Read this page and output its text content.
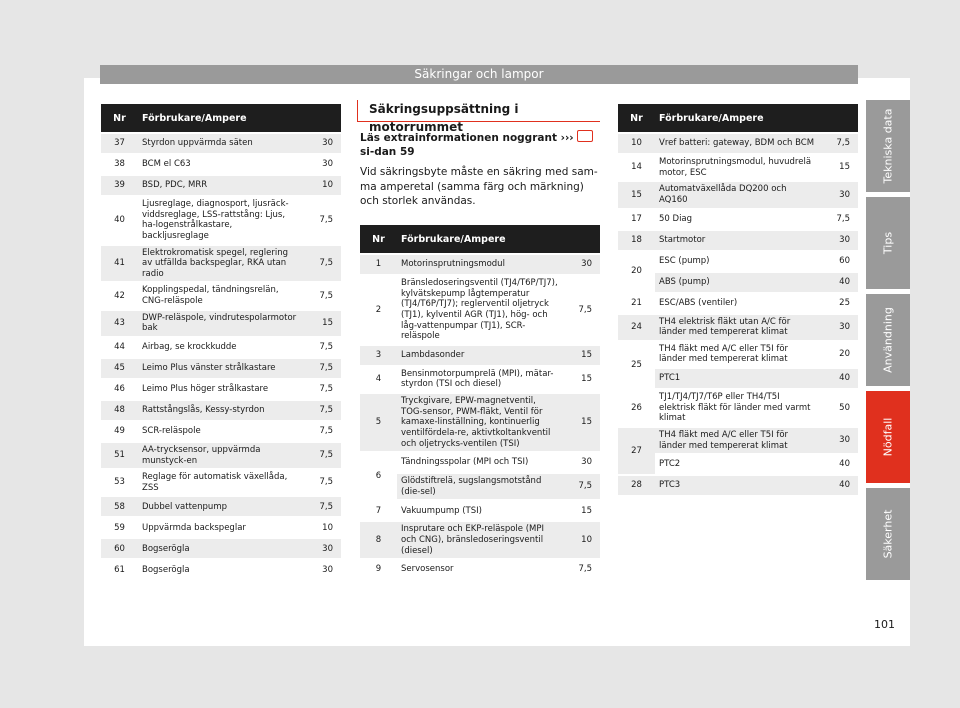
Säkringar och lampor
Nr	Förbrukare/Ampere	
37	Styrdon uppvärmda säten	30
38	BCM el C63	30
39	BSD, PDC, MRR	10
40	Ljusreglage, diagnosport, ljusräck-viddsreglage, LSS-rattstång: Ljus, ha-logenstrålkastare, backljusreglage	7,5
41	Elektrokromatisk spegel, reglering av utfällda backspeglar, RKA utan radio	7,5
42	Kopplingspedal, tändningsrelän, CNG-reläspole	7,5
43	DWP-reläspole, vindrutespolarmotor bak	15
44	Airbag, se krockkudde	7,5
45	Leimo Plus vänster strålkastare	7,5
46	Leimo Plus höger strålkastare	7,5
48	Rattstångslås, Kessy-styrdon	7,5
49	SCR-reläspole	7,5
51	AA-trycksensor, uppvärmda munstyck-en	7,5
53	Reglage för automatisk växellåda, ZSS	7,5
58	Dubbel vattenpump	7,5
59	Uppvärmda backspeglar	10
60	Bogserögla	30
61	Bogserögla	30
Säkringsuppsättning i motorrummet

Läs extrainformationen noggrant ›››  si-dan 59

Vid säkringsbyte måste en säkring med sam-ma amperetal (samma färg och märkning) och storlek användas.

Nr	Förbrukare/Ampere	
1	Motorinsprutningsmodul	30
2	Bränsledoseringsventil (TJ4/T6P/TJ7), kylvätskepump lågtemperatur (TJ4/T6P/TJ7); reglerventil oljetryck (TJ1), kylventil AGR (TJ1), hög- och låg-vattenpumpar (TJ1), SCR-reläspole	7,5
3	Lambdasonder	15
4	Bensinmotorpumprelä (MPI), mätar-styrdon (TSI och diesel)	15
5	Tryckgivare, EPW-magnetventil, TOG-sensor, PWM-fläkt, Ventil för kamaxe-linställning, kontinuerlig ventilfördela-re, aktivtkoltankventil och oljetrycks-ventilen (TSI)	15
6	Tändningsspolar (MPI och TSI)	30
	Glödstiftrelä, sugslangsmotstånd (die-sel)	7,5
7	Vakuumpump (TSI)	15
8	Insprutare och EKP-reläspole (MPI och CNG), bränsledoseringsventil (diesel)	10
9	Servosensor	7,5
Nr	Förbrukare/Ampere	
10	Vref batteri: gateway, BDM och BCM	7,5
14	Motorinsprutningsmodul, huvudrelä motor, ESC	15
15	Automatväxellåda DQ200 och AQ160	30
17	50 Diag	7,5
18	Startmotor	30
20	ESC (pump)	60
	ABS (pump)	40
21	ESC/ABS (ventiler)	25
24	TH4 elektrisk fläkt utan A/C för länder med tempererat klimat	30
25	TH4 fläkt med A/C eller T5I för länder med tempererat klimat	20
	PTC1	40
26	TJ1/TJ4/TJ7/T6P eller TH4/T5I elektrisk fläkt för länder med varmt klimat	50
27	TH4 fläkt med A/C eller T5I för länder med tempererat klimat	30
	PTC2	40
28	PTC3	40
Tekniska data
Tips
Användning
Nödfall
Säkerhet
101
